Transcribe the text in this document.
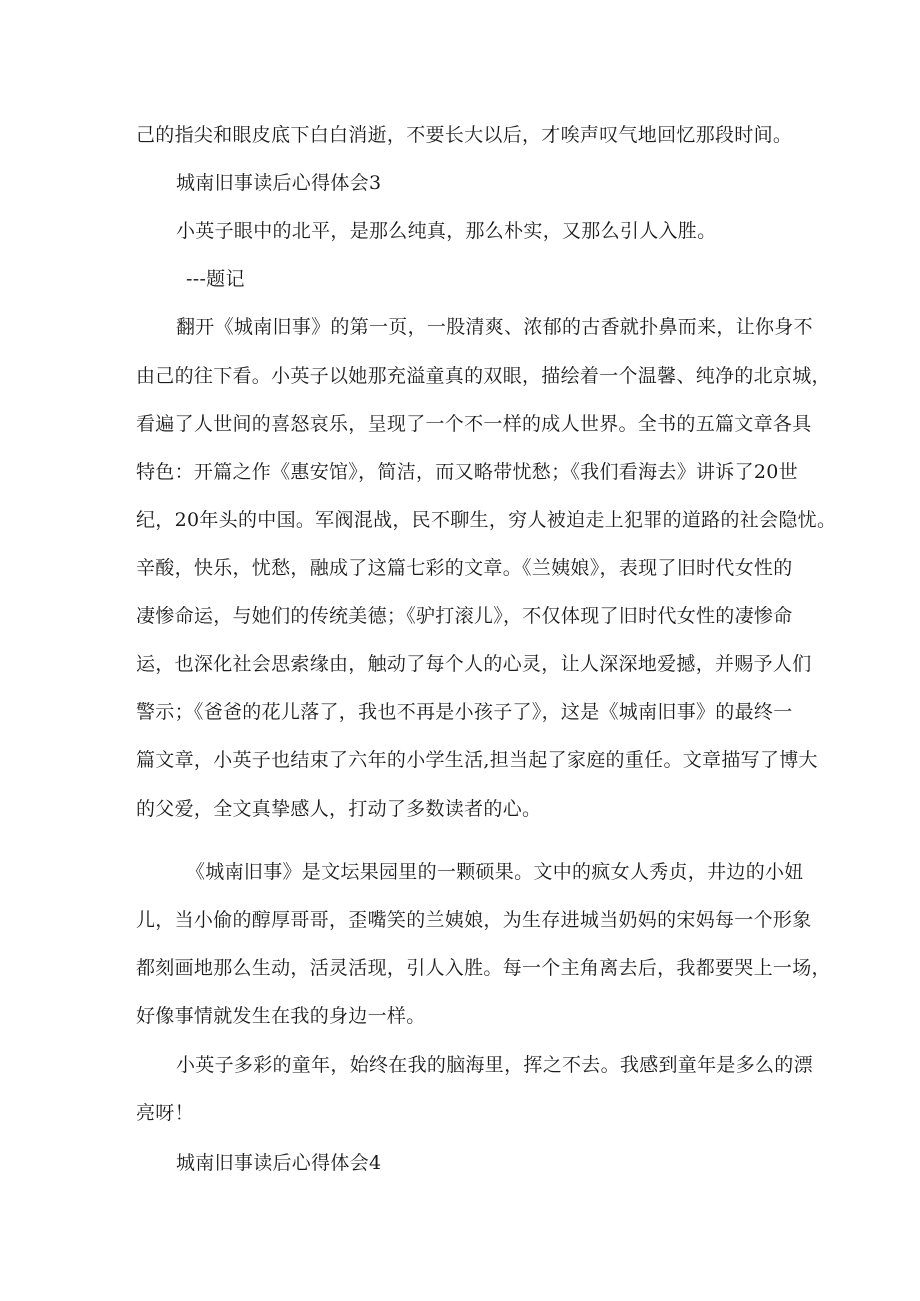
己的指尖和眼皮底下白白消逝，不要长大以后，才唉声叹气地回忆那段时间。
城南旧事读后心得体会3
小英子眼中的北平，是那么纯真，那么朴实，又那么引人入胜。
---题记
翻开《城南旧事》的第一页，一股清爽、浓郁的古香就扑鼻而来，让你身不
由己的往下看。小英子以她那充溢童真的双眼，描绘着一个温馨、纯净的北京城，
看遍了人世间的喜怒哀乐，呈现了一个不一样的成人世界。全书的五篇文章各具
特色：开篇之作《惠安馆》，简洁，而又略带忧愁；《我们看海去》讲诉了20世
纪，20年头的中国。军阀混战，民不聊生，穷人被迫走上犯罪的道路的社会隐忧。
辛酸，快乐，忧愁，融成了这篇七彩的文章。《兰姨娘》，表现了旧时代女性的
凄惨命运，与她们的传统美德；《驴打滚儿》，不仅体现了旧时代女性的凄惨命
运，也深化社会思索缘由，触动了每个人的心灵，让人深深地爱撼，并赐予人们
警示；《爸爸的花儿落了，我也不再是小孩子了》，这是《城南旧事》的最终一
篇文章，小英子也结束了六年的小学生活,担当起了家庭的重任。文章描写了博大
的父爱，全文真挚感人，打动了多数读者的心。
《城南旧事》是文坛果园里的一颗硕果。文中的疯女人秀贞，井边的小妞
儿，当小偷的醇厚哥哥，歪嘴笑的兰姨娘，为生存进城当奶妈的宋妈每一个形象
都刻画地那么生动，活灵活现，引人入胜。每一个主角离去后，我都要哭上一场，
好像事情就发生在我的身边一样。
小英子多彩的童年，始终在我的脑海里，挥之不去。我感到童年是多么的漂
亮呀！
城南旧事读后心得体会4
